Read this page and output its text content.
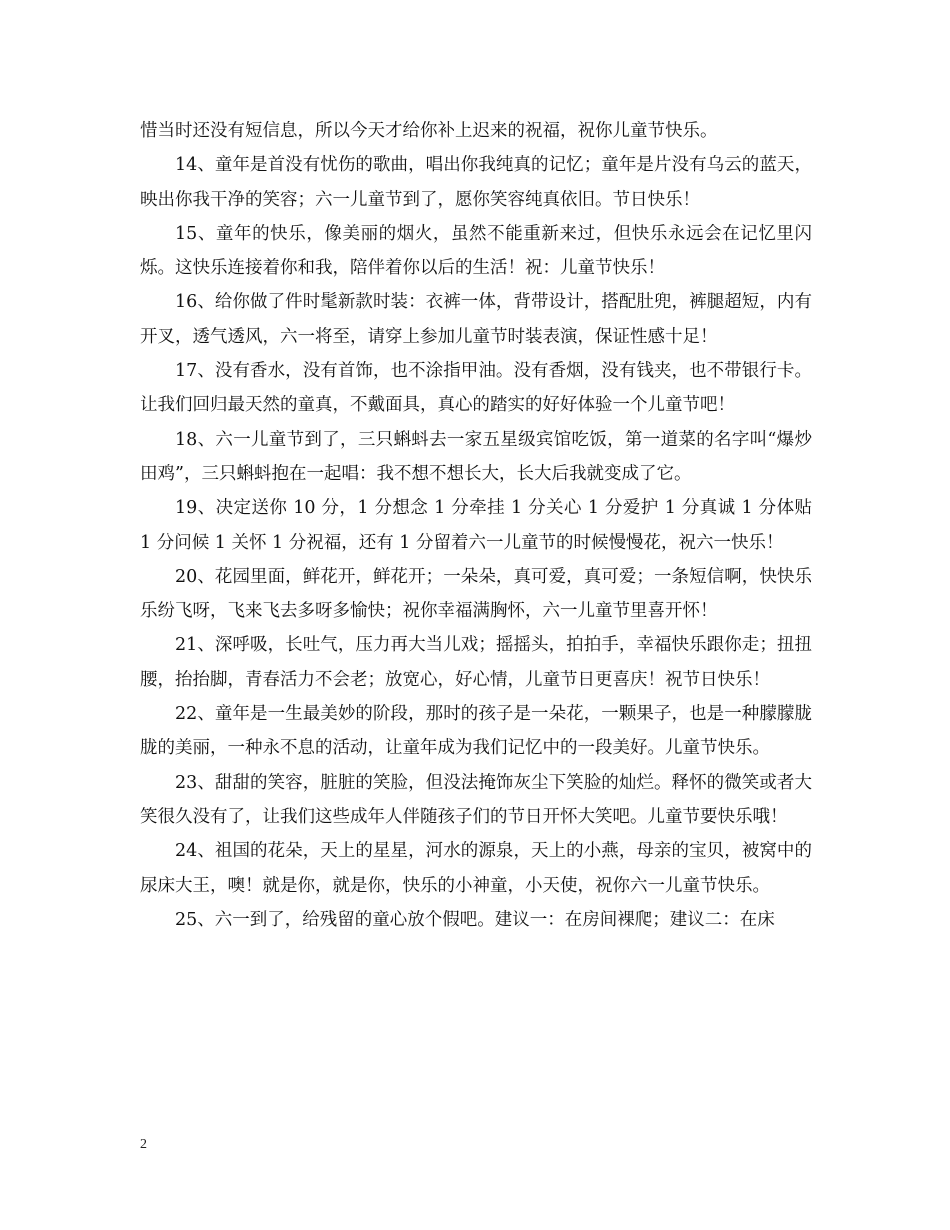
惜当时还没有短信息，所以今天才给你补上迟来的祝福，祝你儿童节快乐。

14、童年是首没有忧伤的歌曲，唱出你我纯真的记忆；童年是片没有乌云的蓝天，映出你我干净的笑容；六一儿童节到了，愿你笑容纯真依旧。节日快乐！

15、童年的快乐，像美丽的烟火，虽然不能重新来过，但快乐永远会在记忆里闪烁。这快乐连接着你和我，陪伴着你以后的生活！祝：儿童节快乐！

16、给你做了件时髦新款时装：衣裤一体，背带设计，搭配肚兜，裤腿超短，内有开叉，透气透风，六一将至，请穿上参加儿童节时装表演，保证性感十足！

17、没有香水，没有首饰，也不涂指甲油。没有香烟，没有钱夹，也不带银行卡。让我们回归最天然的童真，不戴面具，真心的踏实的好好体验一个儿童节吧！

18、六一儿童节到了，三只蝌蚪去一家五星级宾馆吃饭，第一道菜的名字叫“爆炒田鸡”，三只蝌蚪抱在一起唱：我不想不想长大，长大后我就变成了它。

19、决定送你 10 分，1 分想念 1 分牵挂 1 分关心 1 分爱护 1 分真诚 1 分体贴 1 分问候 1 关怀 1 分祝福，还有 1 分留着六一儿童节的时候慢慢花，祝六一快乐！

20、花园里面，鲜花开，鲜花开；一朵朵，真可爱，真可爱；一条短信啊，快快乐乐纷飞呀，飞来飞去多呀多愉快；祝你幸福满胸怀，六一儿童节里喜开怀！

21、深呼吸，长吐气，压力再大当儿戏；摇摇头，拍拍手，幸福快乐跟你走；扭扭腰，抬抬脚，青春活力不会老；放宽心，好心情，儿童节日更喜庆！祝节日快乐！

22、童年是一生最美妙的阶段，那时的孩子是一朵花，一颗果子，也是一种朦朦胧胧的美丽，一种永不息的活动，让童年成为我们记忆中的一段美好。儿童节快乐。

23、甜甜的笑容，脏脏的笑脸，但没法掩饰灰尘下笑脸的灿烂。释怀的微笑或者大笑很久没有了，让我们这些成年人伴随孩子们的节日开怀大笑吧。儿童节要快乐哦！

24、祖国的花朵，天上的星星，河水的源泉，天上的小燕，母亲的宝贝，被窝中的尿床大王，噢！就是你，就是你，快乐的小神童，小天使，祝你六一儿童节快乐。

25、六一到了，给残留的童心放个假吧。建议一：在房间裸爬；建议二：在床

2
